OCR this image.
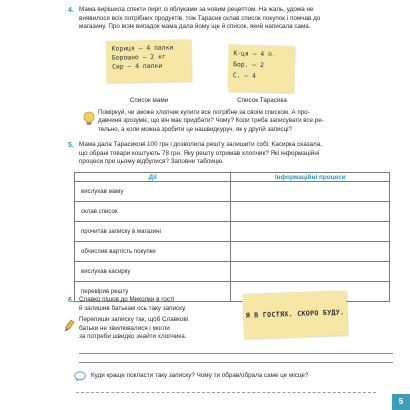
4. Мама вирішила спекти пиріг із яблуками за новим рецептом. На жаль, удома не
виявилося всіх потрібних продуктів, тож Тарасик склав список покупок і помчав до
магазину. Про всяк випадок мама дала йому ще й список, який написала сама.
Кориця — 4 палки
Борошно — 2 кг
Сир — 4 палки
К-ця — 4 п.
Бор. — 2
С. — 4
Список мами	Список Тарасика
Поміркуй, чи зможе хлопчик купити все потрібне за своїм списком. А про-
давчиня зрозуміє, що він має придбати? Чому? Коли треба записувати все ре-
тельно, а коли можна зробити це нашвидкуруч, як у другій записці?
5. Мама дала Тарасикові 100 грн і дозволила решту залишити собі. Касирка сказала,
що обрані товари коштують 78 грн. Яку решту отримав хлопчик? Які інформаційні
процеси при цьому відбулися? Заповни таблицю.
Дії	Інформаційні процеси
вислухав маму	
склав список	
прочитав записку в магазині	
обчислив вартість покупки	
вислухав касирку	
перевірив решту	
6. Славко пішов до Миколки в гості
й залишив батькам ось таку записку.
Перепиши записку так, щоб Славкові
батьки не хвилювалися і могли
за потреби швидко знайти хлопчика.
Я В ГОСТЯХ. СКОРО БУДУ.
Куди краще покласти таку записку? Чому ти обрав/обрала саме це місце?
5
